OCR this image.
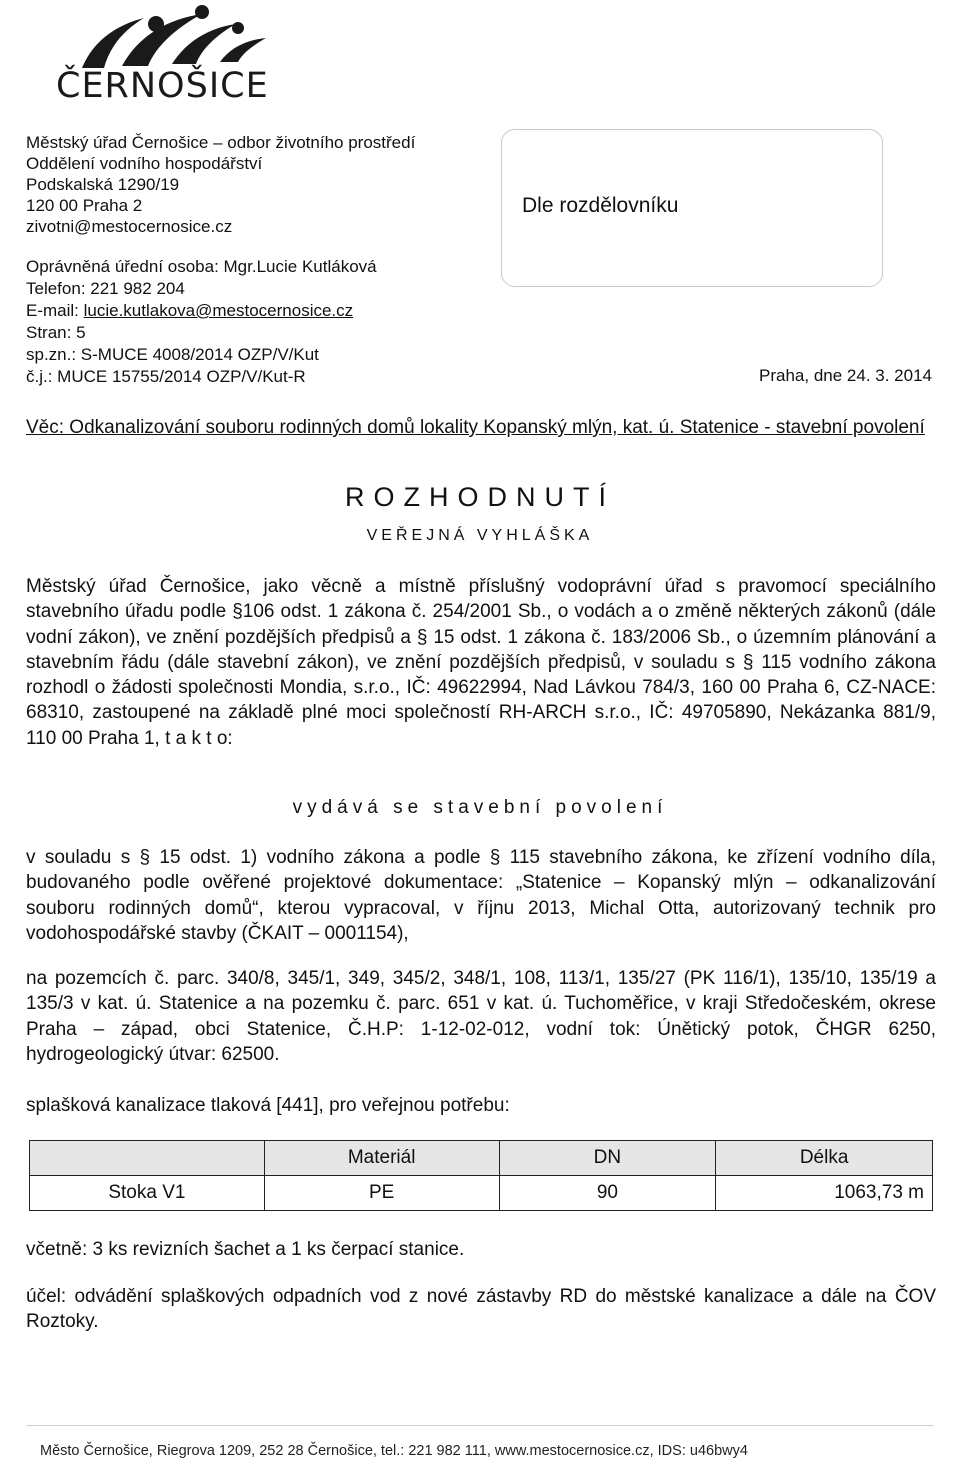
ČERNOŠICE
Městský úřad Černošice – odbor životního prostředí
Oddělení vodního hospodářství
Podskalská 1290/19
120 00 Praha 2
zivotni@mestocernosice.cz
Dle rozdělovníku
Oprávněná úřední osoba: Mgr.Lucie Kutláková
Telefon: 221 982 204
E-mail: lucie.kutlakova@mestocernosice.cz
Stran: 5
sp.zn.: S-MUCE 4008/2014 OZP/V/Kut
č.j.: MUCE 15755/2014 OZP/V/Kut-R	Praha, dne 24. 3. 2014
Věc: Odkanalizování souboru rodinných domů lokality Kopanský mlýn, kat. ú. Statenice - stavební povolení
ROZHODNUTÍ
VEŘEJNÁ VYHLÁŠKA

Městský úřad Černošice, jako věcně a místně příslušný vodoprávní úřad s pravomocí speciálního stavebního úřadu podle §106 odst. 1 zákona č. 254/2001 Sb., o vodách a o změně některých zákonů (dále vodní zákon), ve znění pozdějších předpisů a § 15 odst. 1 zákona č. 183/2006 Sb., o územním plánování a stavebním řádu (dále stavební zákon), ve znění pozdějších předpisů, v souladu s § 115 vodního zákona rozhodl o žádosti společnosti Mondia, s.r.o., IČ: 49622994, Nad Lávkou 784/3, 160 00 Praha 6, CZ-NACE: 68310, zastoupené na základě plné moci společností RH-ARCH s.r.o., IČ: 49705890, Nekázanka 881/9, 110 00 Praha 1, t a k t o:

vydává se stavební povolení

v souladu s § 15 odst. 1) vodního zákona a podle § 115 stavebního zákona, ke zřízení vodního díla, budovaného podle ověřené projektové dokumentace: „Statenice – Kopanský mlýn – odkanalizování souboru rodinných domů“, kterou vypracoval, v říjnu 2013, Michal Otta, autorizovaný technik pro vodohospodářské stavby (ČKAIT – 0001154),

na pozemcích č. parc. 340/8, 345/1, 349, 345/2, 348/1, 108, 113/1, 135/27 (PK 116/1), 135/10, 135/19 a 135/3 v kat. ú. Statenice a na pozemku č. parc. 651 v kat. ú. Tuchoměřice, v kraji Středočeském, okrese Praha – západ, obci Statenice, Č.H.P: 1-12-02-012, vodní tok: Únětický potok, ČHGR 6250, hydrogeologický útvar: 62500.

splašková kanalizace tlaková [441], pro veřejnou potřebu:

	Materiál	DN	Délka
Stoka V1	PE	90	1063,73 m

včetně: 3 ks revizních šachet a 1 ks čerpací stanice.

účel: odvádění splaškových odpadních vod z nové zástavby RD do městské kanalizace a dále na ČOV Roztoky.

Město Černošice, Riegrova 1209, 252 28 Černošice, tel.: 221 982 111, www.mestocernosice.cz, IDS: u46bwy4
